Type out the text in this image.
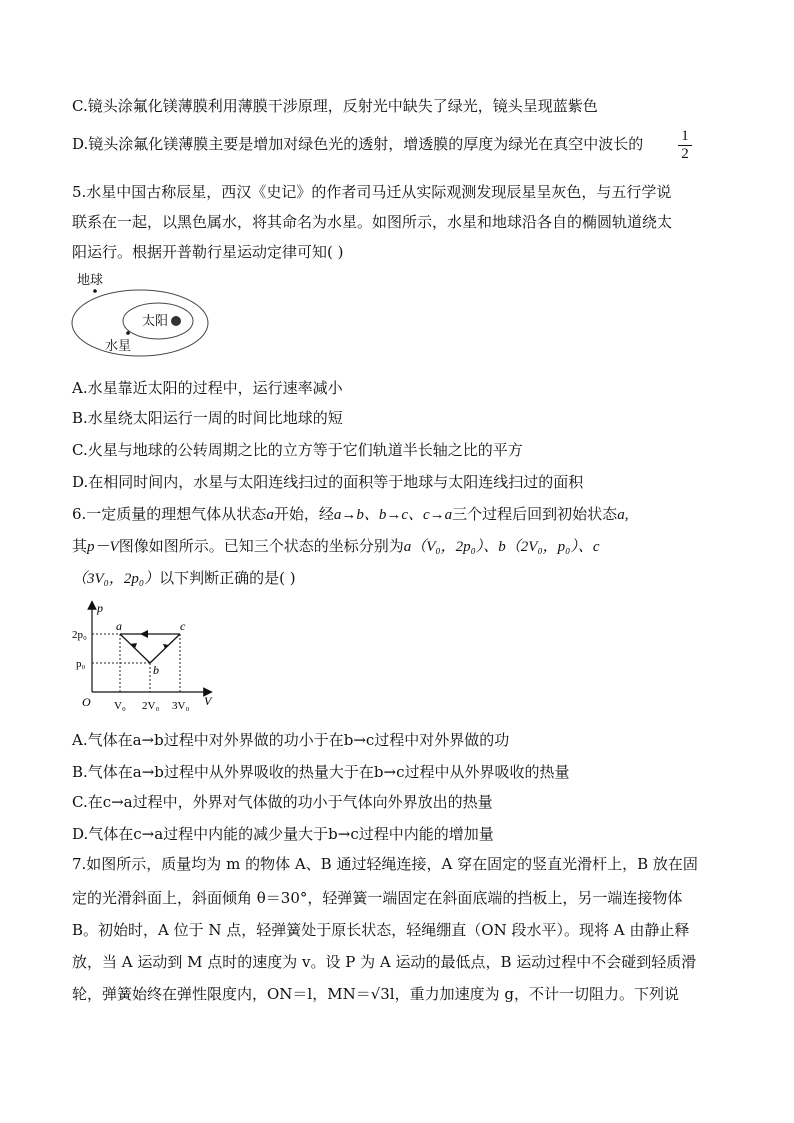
C.镜头涂氟化镁薄膜利用薄膜干涉原理，反射光中缺失了绿光，镜头呈现蓝紫色
D.镜头涂氟化镁薄膜主要是增加对绿色光的透射，增透膜的厚度为绿光在真空中波长的 $\frac{1}{2}$
5.水星中国古称辰星，西汉《史记》的作者司马迁从实际观测发现辰星呈灰色，与五行学说
联系在一起，以黑色属水，将其命名为水星。如图所示，水星和地球沿各自的椭圆轨道绕太
阳运行。根据开普勒行星运动定律可知( )
地球
太阳
水星
A.水星靠近太阳的过程中，运行速率减小
B.水星绕太阳运行一周的时间比地球的短
C.火星与地球的公转周期之比的立方等于它们轨道半长轴之比的平方
D.在相同时间内，水星与太阳连线扫过的面积等于地球与太阳连线扫过的面积
6.一定质量的理想气体从状态a开始，经a→b、b→c、c→a三个过程后回到初始状态a,
其p－V图像如图所示。已知三个状态的坐标分别为a（V₀，2p₀）、b（2V₀，p₀）、c
（3V₀，2p₀）以下判断正确的是( )
p
V
O
2p₀
p₀
V₀ 2V₀ 3V₀
a
b
c
A.气体在a→b过程中对外界做的功小于在b→c过程中对外界做的功
B.气体在a→b过程中从外界吸收的热量大于在b→c过程中从外界吸收的热量
C.在c→a过程中，外界对气体做的功小于气体向外界放出的热量
D.气体在c→a过程中内能的减少量大于b→c过程中内能的增加量
7.如图所示，质量均为 m 的物体 A、B 通过轻绳连接，A 穿在固定的竖直光滑杆上，B 放在固
定的光滑斜面上，斜面倾角 θ＝30°，轻弹簧一端固定在斜面底端的挡板上，另一端连接物体
B。初始时，A 位于 N 点，轻弹簧处于原长状态，轻绳绷直（ON 段水平）。现将 A 由静止释
放，当 A 运动到 M 点时的速度为 v。设 P 为 A 运动的最低点，B 运动过程中不会碰到轻质滑
轮，弹簧始终在弹性限度内，ON＝l，MN＝√3l，重力加速度为 g，不计一切阻力。下列说
